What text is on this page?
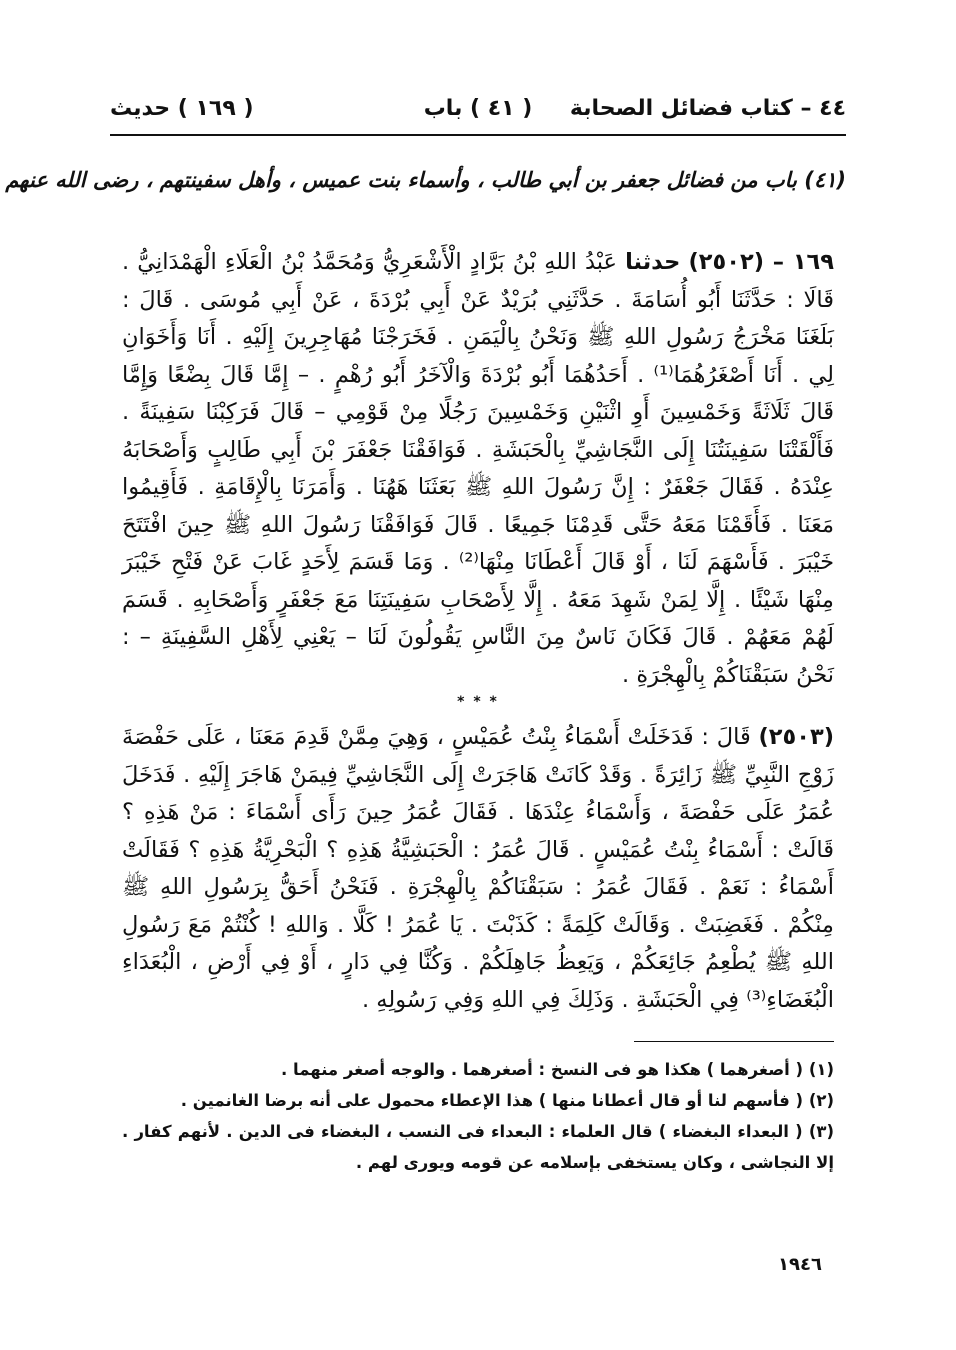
٤٤ – كتاب فضائل الصحابة
( ٤١ ) باب
( ١٦٩ ) حديث
(٤١) باب من فضائل جعفر بن أبي طالب ، وأسماء بنت عميس ، وأهل سفينتهم ، رضى الله عنهم
١٦٩ – (٢٥٠٢) حدثنا عَبْدُ اللهِ بْنُ بَرَّادٍ الْأَشْعَرِيُّ وَمُحَمَّدُ بْنُ الْعَلَاءِ الْهَمْدَانِيُّ . قَالَا : حَدَّثَنَا أَبُو أُسَامَةَ . حَدَّثَنِي بُرَيْدٌ عَنْ أَبِي بُرْدَةَ ، عَنْ أَبِي مُوسَى . قَالَ : بَلَغَنَا مَخْرَجُ رَسُولِ اللهِ ﷺ وَنَحْنُ بِالْيَمَنِ . فَخَرَجْنَا مُهَاجِرِينَ إِلَيْهِ . أَنَا وَأَخَوَانِ لِي . أَنَا أَصْغَرُهُمَا⁽¹⁾ . أَحَدُهُمَا أَبُو بُرْدَةَ وَالْآخَرُ أَبُو رُهْمٍ . – إِمَّا قَالَ بِضْعًا وَإِمَّا قَالَ ثَلَاثَةً وَخَمْسِينَ أَوِ اثْنَيْنِ وَخَمْسِينَ رَجُلًا مِنْ قَوْمِي – قَالَ فَرَكِبْنَا سَفِينَةً . فَأَلْقَتْنَا سَفِينَتُنَا إِلَى النَّجَاشِيِّ بِالْحَبَشَةِ . فَوَافَقْنَا جَعْفَرَ بْنَ أَبِي طَالِبٍ وَأَصْحَابَهُ عِنْدَهُ . فَقَالَ جَعْفَرٌ : إِنَّ رَسُولَ اللهِ ﷺ بَعَثَنَا هَهُنَا . وَأَمَرَنَا بِالْإِقَامَةِ . فَأَقِيمُوا مَعَنَا . فَأَقَمْنَا مَعَهُ حَتَّى قَدِمْنَا جَمِيعًا . قَالَ فَوَافَقْنَا رَسُولَ اللهِ ﷺ حِينَ افْتَتَحَ خَيْبَرَ . فَأَسْهَمَ لَنَا ، أَوْ قَالَ أَعْطَانَا مِنْهَا⁽²⁾ . وَمَا قَسَمَ لِأَحَدٍ غَابَ عَنْ فَتْحِ خَيْبَرَ مِنْهَا شَيْئًا . إِلَّا لِمَنْ شَهِدَ مَعَهُ . إِلَّا لِأَصْحَابِ سَفِينَتِنَا مَعَ جَعْفَرٍ وَأَصْحَابِهِ . قَسَمَ لَهُمْ مَعَهُمْ . قَالَ فَكَانَ نَاسٌ مِنَ النَّاسِ يَقُولُونَ لَنَا – يَعْنِي لِأَهْلِ السَّفِينَةِ – : نَحْنُ سَبَقْنَاكُمْ بِالْهِجْرَةِ .
* * *
(٢٥٠٣) قَالَ : فَدَخَلَتْ أَسْمَاءُ بِنْتُ عُمَيْسٍ ، وَهِيَ مِمَّنْ قَدِمَ مَعَنَا ، عَلَى حَفْصَةَ زَوْجِ النَّبِيِّ ﷺ زَائِرَةً . وَقَدْ كَانَتْ هَاجَرَتْ إِلَى النَّجَاشِيِّ فِيمَنْ هَاجَرَ إِلَيْهِ . فَدَخَلَ عُمَرُ عَلَى حَفْصَةَ ، وَأَسْمَاءُ عِنْدَهَا . فَقَالَ عُمَرُ حِينَ رَأَى أَسْمَاءَ : مَنْ هَذِهِ ؟ قَالَتْ : أَسْمَاءُ بِنْتُ عُمَيْسٍ . قَالَ عُمَرُ : الْحَبَشِيَّةُ هَذِهِ ؟ الْبَحْرِيَّةُ هَذِهِ ؟ فَقَالَتْ أَسْمَاءُ : نَعَمْ . فَقَالَ عُمَرُ : سَبَقْنَاكُمْ بِالْهِجْرَةِ . فَنَحْنُ أَحَقُّ بِرَسُولِ اللهِ ﷺ مِنْكُمْ . فَغَضِبَتْ . وَقَالَتْ كَلِمَةً : كَذَبْتَ . يَا عُمَرُ ! كَلَّا . وَاللهِ ! كُنْتُمْ مَعَ رَسُولِ اللهِ ﷺ يُطْعِمُ جَائِعَكُمْ ، وَيَعِظُ جَاهِلَكُمْ . وَكُنَّا فِي دَارٍ ، أَوْ فِي أَرْضِ ، الْبُعَدَاءِ الْبُغَضَاءِ⁽³⁾ فِي الْحَبَشَةِ . وَذَلِكَ فِي اللهِ وَفِي رَسُولِهِ .

(١) ( أصغرهما ) هكذا هو فى النسخ : أصغرهما . والوجه أصغر منهما .

(٢) ( فأسهم لنا أو قال أعطانا منها ) هذا الإعطاء محمول على أنه برضا الغانمين .

(٣) ( البعداء البغضاء ) قال العلماء : البعداء فى النسب ، البغضاء فى الدين . لأنهم كفار . إلا النجاشى ، وكان يستخفى بإسلامه عن قومه ويورى لهم .

١٩٤٦
